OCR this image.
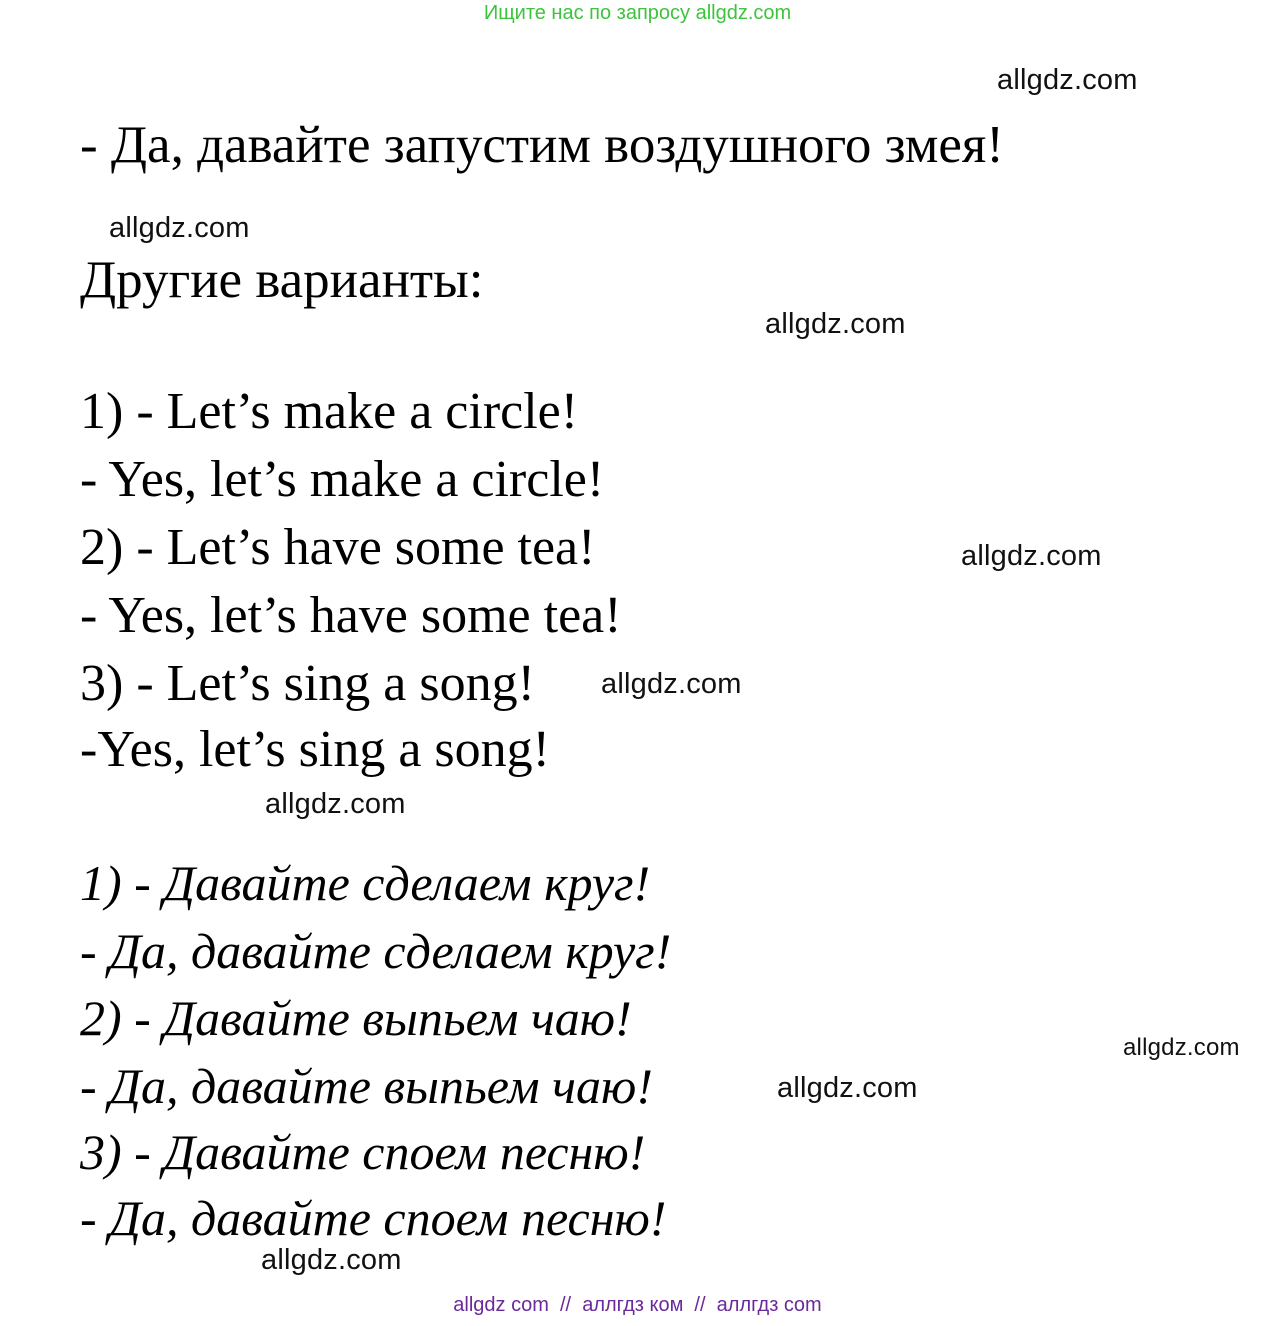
Ищите нас по запросу allgdz.com
allgdz.com
- Да, давайте запустим воздушного змея!
allgdz.com
Другие варианты:
allgdz.com
1) - Let’s make a circle!
- Yes, let’s make a circle!
2) - Let’s have some tea!	allgdz.com
- Yes, let’s have some tea!
3) - Let’s sing a song! allgdz.com
-Yes, let’s sing a song!
allgdz.com
1) - Давайте сделаем круг!
- Да, давайте сделаем круг!
2) - Давайте выпьем чаю!
allgdz.com
- Да, давайте выпьем чаю!	allgdz.com
3) - Давайте споем песню!
- Да, давайте споем песню!
allgdz.com
allgdz com  //  аллгдз ком  //  аллгдз com
